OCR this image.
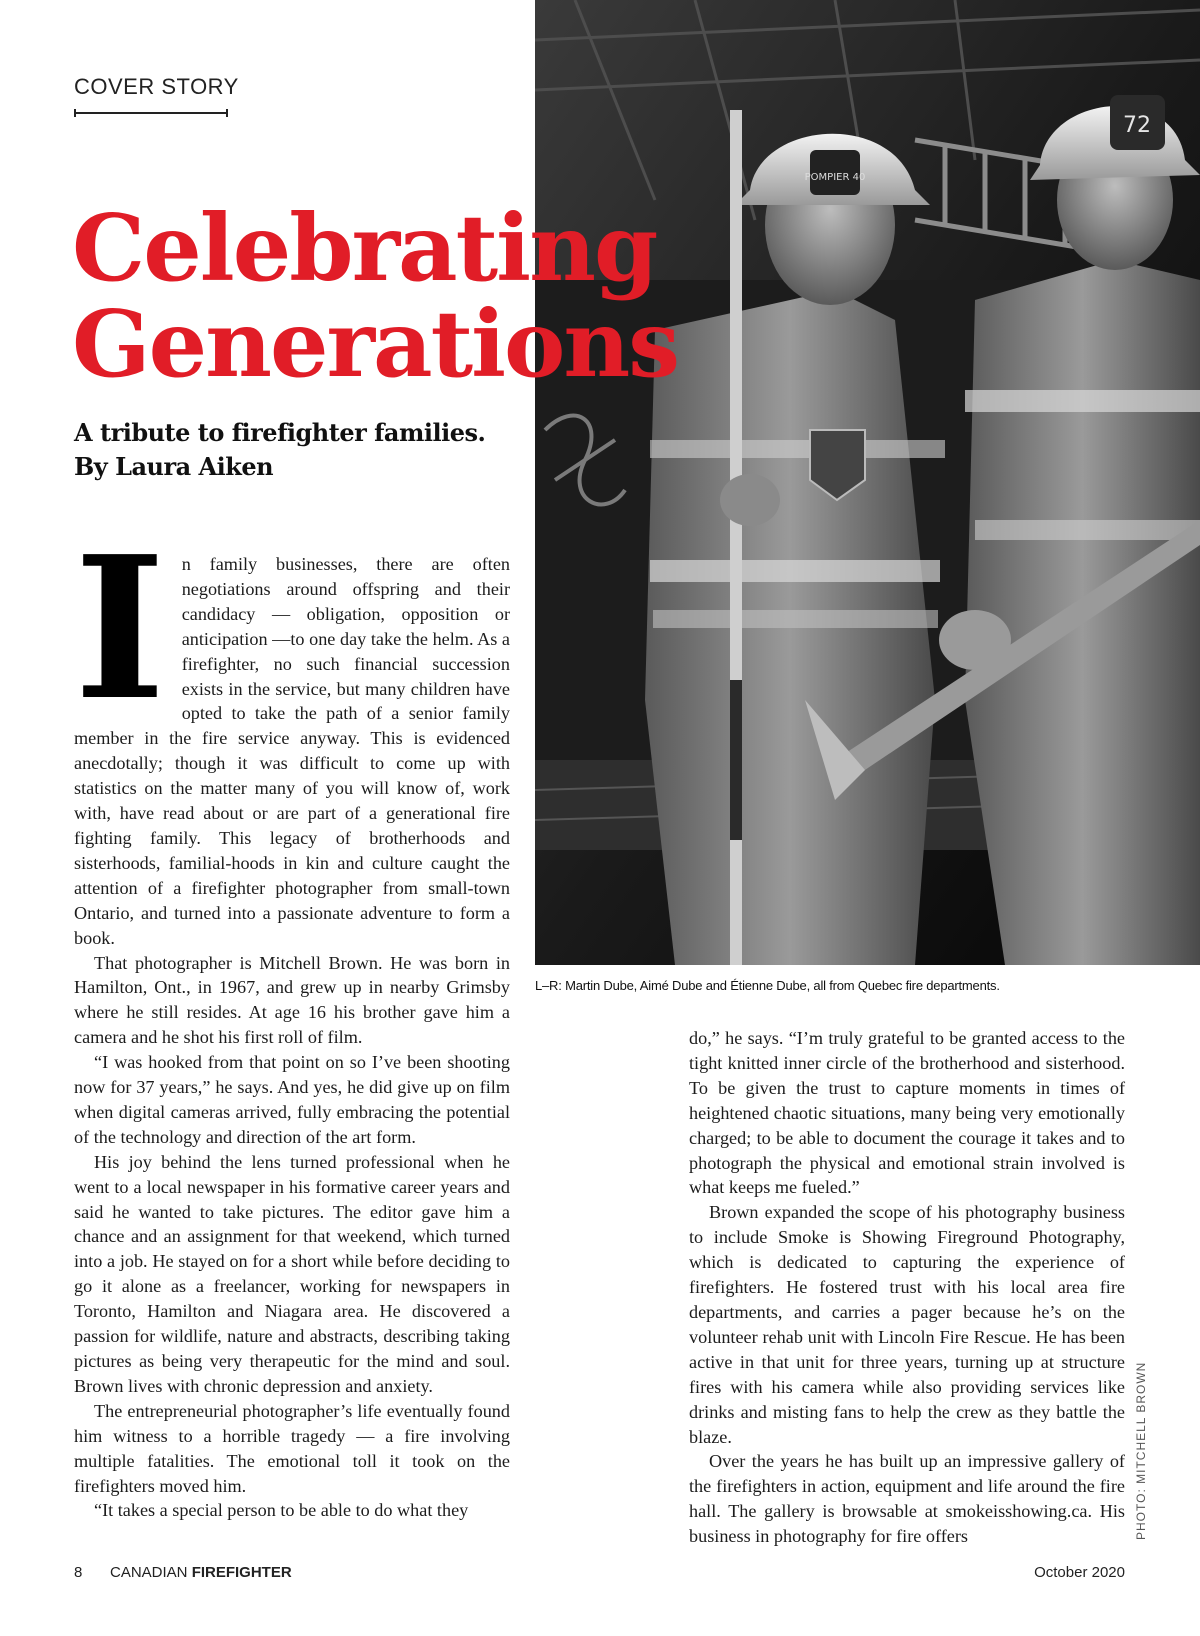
POMPIER 40
72
COVER STORY
Celebrating
Generations
A tribute to firefighter families. By Laura Aiken
L–R: Martin Dube, Aimé Dube and Étienne Dube, all from Quebec fire departments.

In family businesses, there are often negotiations around offspring and their candidacy — obligation, opposition or anticipation —to one day take the helm. As a firefighter, no such financial succession exists in the service, but many children have opted to take the path of a senior family member in the fire service anyway. This is evidenced anecdotally; though it was difficult to come up with statistics on the matter many of you will know of, work with, have read about or are part of a generational fire fighting family. This legacy of brotherhoods and sisterhoods, familial-hoods in kin and culture caught the attention of a firefighter photographer from small-town Ontario, and turned into a passionate adventure to form a book.

That photographer is Mitchell Brown. He was born in Hamilton, Ont., in 1967, and grew up in nearby Grimsby where he still resides. At age 16 his brother gave him a camera and he shot his first roll of film.

“I was hooked from that point on so I’ve been shooting now for 37 years,” he says. And yes, he did give up on film when digital cameras arrived, fully embracing the potential of the technology and direction of the art form.

His joy behind the lens turned professional when he went to a local newspaper in his formative career years and said he wanted to take pictures. The editor gave him a chance and an assignment for that weekend, which turned into a job. He stayed on for a short while before deciding to go it alone as a freelancer, working for newspapers in Toronto, Hamilton and Niagara area. He discovered a passion for wildlife, nature and abstracts, describing taking pictures as being very therapeutic for the mind and soul. Brown lives with chronic depression and anxiety.

The entrepreneurial photographer’s life eventually found him witness to a horrible tragedy — a fire involving multiple fatalities. The emotional toll it took on the firefighters moved him.

“It takes a special person to be able to do what they

do,” he says. “I’m truly grateful to be granted access to the tight knitted inner circle of the brotherhood and sisterhood. To be given the trust to capture moments in times of heightened chaotic situations, many being very emotionally charged; to be able to document the courage it takes and to photograph the physical and emotional strain involved is what keeps me fueled.”

Brown expanded the scope of his photography business to include Smoke is Showing Fireground Photography, which is dedicated to capturing the experience of firefighters. He fostered trust with his local area fire departments, and carries a pager because he’s on the volunteer rehab unit with Lincoln Fire Rescue. He has been active in that unit for three years, turning up at structure fires with his camera while also providing services like drinks and misting fans to help the crew as they battle the blaze.

Over the years he has built up an impressive gallery of the firefighters in action, equipment and life around the fire hall. The gallery is browsable at smokeisshowing.ca. His business in photography for fire offers	PHOTO: MITCHELL BROWN
8 CANADIAN FIREFIGHTER	October 2020
